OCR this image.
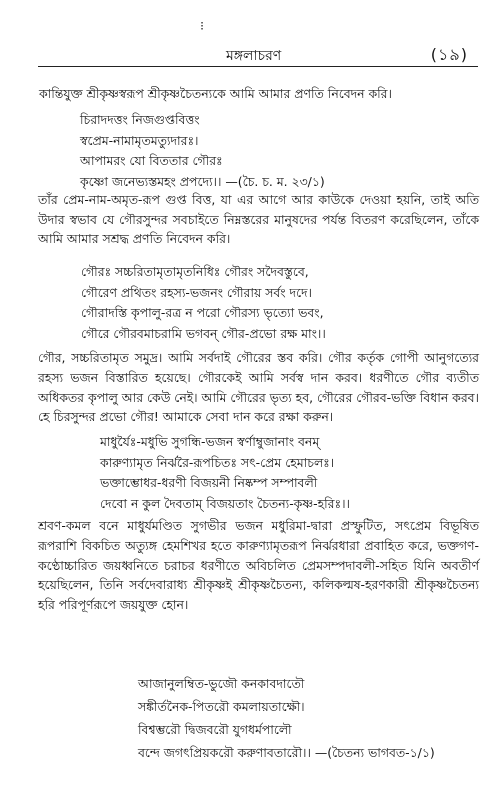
⁝
মঙ্গলাচরণ	(১৯)
কান্তিযুক্ত শ্রীকৃষ্ণস্বরূপ শ্রীকৃষ্ণচৈতন্যকে আমি আমার প্রণতি নিবেদন করি।
চিরাদদত্তং নিজগুপ্তবিত্তং
স্বপ্রেম-নামামৃতমত্যুদারঃ।
আপামরং যো বিততার গৌরঃ
কৃষ্ণো জনেভ্যস্তমহং প্রপদ্যে।। —(চৈ. চ. ম. ২৩/১)
তাঁর প্রেম-নাম-অমৃত-রূপ গুপ্ত বিত্ত, যা এর আগে আর কাউকে দেওয়া হয়নি, তাই অতি উদার স্বভাব যে গৌরসুন্দর সবচাইতে নিম্নস্তরের মানুষদের পর্যন্ত বিতরণ করেছিলেন, তাঁকে আমি আমার সশ্রদ্ধ প্রণতি নিবেদন করি।
গৌরঃ সচ্চরিতামৃতামৃতনিধিঃ গৌরং সদৈবস্তুবে,
গৌরেণ প্রথিতং রহস্য-ভজনং গৌরায় সর্বং দদে।
গৌরাদস্তি কৃপালু-রত্র ন পরো গৌরস্য ভৃত্যো ভবং,
গৌরে গৌরবমাচরামি ভগবন্ গৌর-প্রভো রক্ষ মাং।।
গৌর, সচ্চরিতামৃত সমুদ্র। আমি সর্বদাই গৌরের স্তব করি। গৌর কর্তৃক গোপী আনুগত্যের রহস্য ভজন বিস্তারিত হয়েছে। গৌরকেই আমি সর্বস্ব দান করব। ধরণীতে গৌর ব্যতীত অধিকতর কৃপালু আর কেউ নেই। আমি গৌরের ভৃত্য হব, গৌরের গৌরব-ভক্তি বিধান করব। হে চিরসুন্দর প্রভো গৌর! আমাকে সেবা দান করে রক্ষা করুন।
মাধুর্যৈঃ-মধুভি সুগন্ধি-ভজন স্বর্ণাম্বুজানাং বনম্
কারুণ্যামৃত নির্ঝরৈ-রূপচিতঃ সৎ-প্রেম হেমাচলঃ।
ভক্তাম্ভোধর-ধরণী বিজয়নী নিষ্কম্প সম্পাবলী
দেবো ন কুল দৈবতাম্ বিজয়তাং চৈতন্য-কৃষ্ণ-হরিঃ।।
শ্রবণ-কমল বনে মাধুর্যমণ্ডিত সুগভীর ভজন মধুরিমা-দ্বারা প্রস্ফুটিত, সৎপ্রেম বিভূষিত রূপরাশি বিকচিত অত্যুঙ্গ হেমশিখর হতে কারুণ্যামৃতরূপ নির্ঝরধারা প্রবাহিত করে, ভক্তগণ-কণ্ঠোচ্চারিত জয়ধ্বনিতে চরাচর ধরণীতে অবিচলিত প্রেমসম্পদাবলী-সহিত যিনি অবতীর্ণ হয়েছিলেন, তিনি সর্বদেবারাধ্য শ্রীকৃষ্ণই শ্রীকৃষ্ণচৈতন্য, কলিকল্মষ-হরণকারী শ্রীকৃষ্ণচৈতন্য হরি পরিপূর্ণরূপে জয়যুক্ত হোন।
আজানুলম্বিত-ভুজৌ কনকাবদাতৌ
সঙ্কীর্তনৈক-পিতরৌ কমলায়তাক্ষৌ।
বিশ্বম্ভরৌ দ্বিজবরৌ যুগধর্মপালৌ
বন্দে জগৎপ্রিয়করৌ করুণাবতারৌ।। —(চৈতন্য ভাগবত-১/১)
